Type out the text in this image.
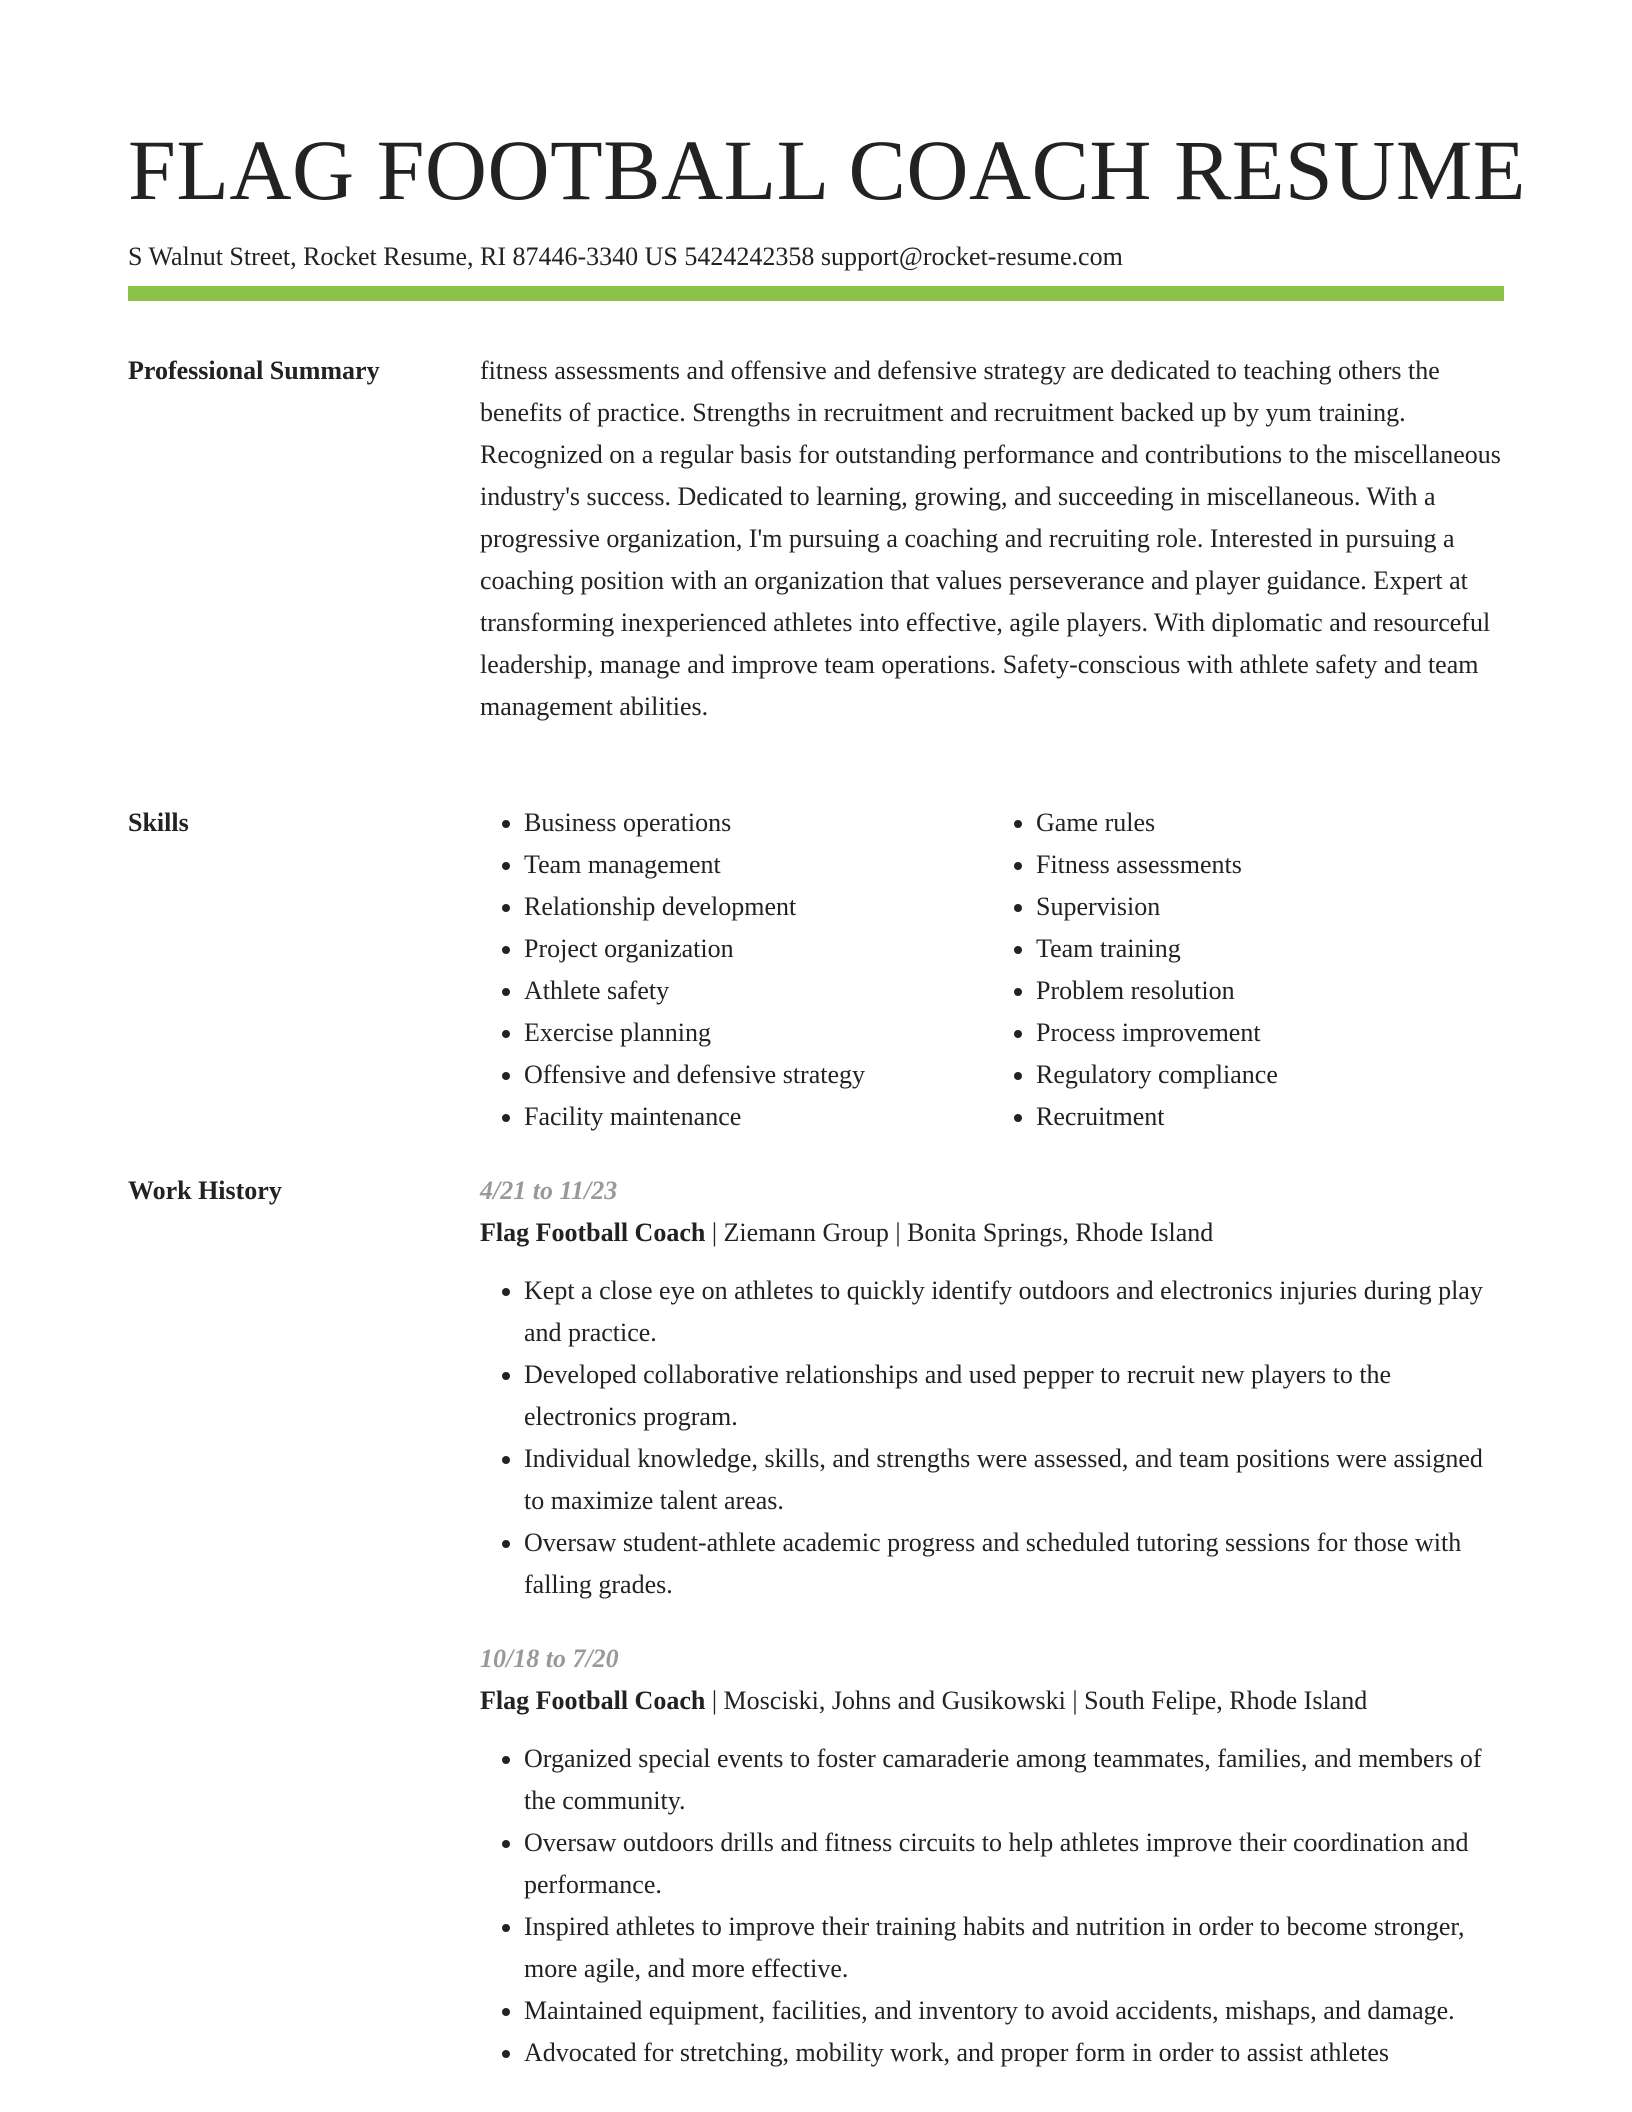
FLAG FOOTBALL COACH RESUME
S Walnut Street, Rocket Resume, RI 87446-3340 US 5424242358 support@rocket-resume.com
Professional Summary	fitness assessments and offensive and defensive strategy are dedicated to teaching others the benefits of practice. Strengths in recruitment and recruitment backed up by yum training. Recognized on a regular basis for outstanding performance and contributions to the miscellaneous industry's success. Dedicated to learning, growing, and succeeding in miscellaneous. With a progressive organization, I'm pursuing a coaching and recruiting role. Interested in pursuing a coaching position with an organization that values perseverance and player guidance. Expert at transforming inexperienced athletes into effective, agile players. With diplomatic and resourceful leadership, manage and improve team operations. Safety-conscious with athlete safety and team management abilities.

Skills
•	Business operations
• Team management
• Relationship development
• Project organization
• Athlete safety
• Exercise planning
• Offensive and defensive strategy
• Facility maintenance
• Game rules
• Fitness assessments
• Supervision
• Team training
• Problem resolution
• Process improvement
• Regulatory compliance
• Recruitment
Work History	4/21 to 11/23
Flag Football Coach | Ziemann Group | Bonita Springs, Rhode Island
• Kept a close eye on athletes to quickly identify outdoors and electronics injuries during play and practice.
• Developed collaborative relationships and used pepper to recruit new players to the electronics program.
• Individual knowledge, skills, and strengths were assessed, and team positions were assigned to maximize talent areas.
• Oversaw student-athlete academic progress and scheduled tutoring sessions for those with falling grades.
10/18 to 7/20
Flag Football Coach | Mosciski, Johns and Gusikowski | South Felipe, Rhode Island
• Organized special events to foster camaraderie among teammates, families, and members of the community.
• Oversaw outdoors drills and fitness circuits to help athletes improve their coordination and performance.
• Inspired athletes to improve their training habits and nutrition in order to become stronger, more agile, and more effective.
• Maintained equipment, facilities, and inventory to avoid accidents, mishaps, and damage.
• Advocated for stretching, mobility work, and proper form in order to assist athletes
